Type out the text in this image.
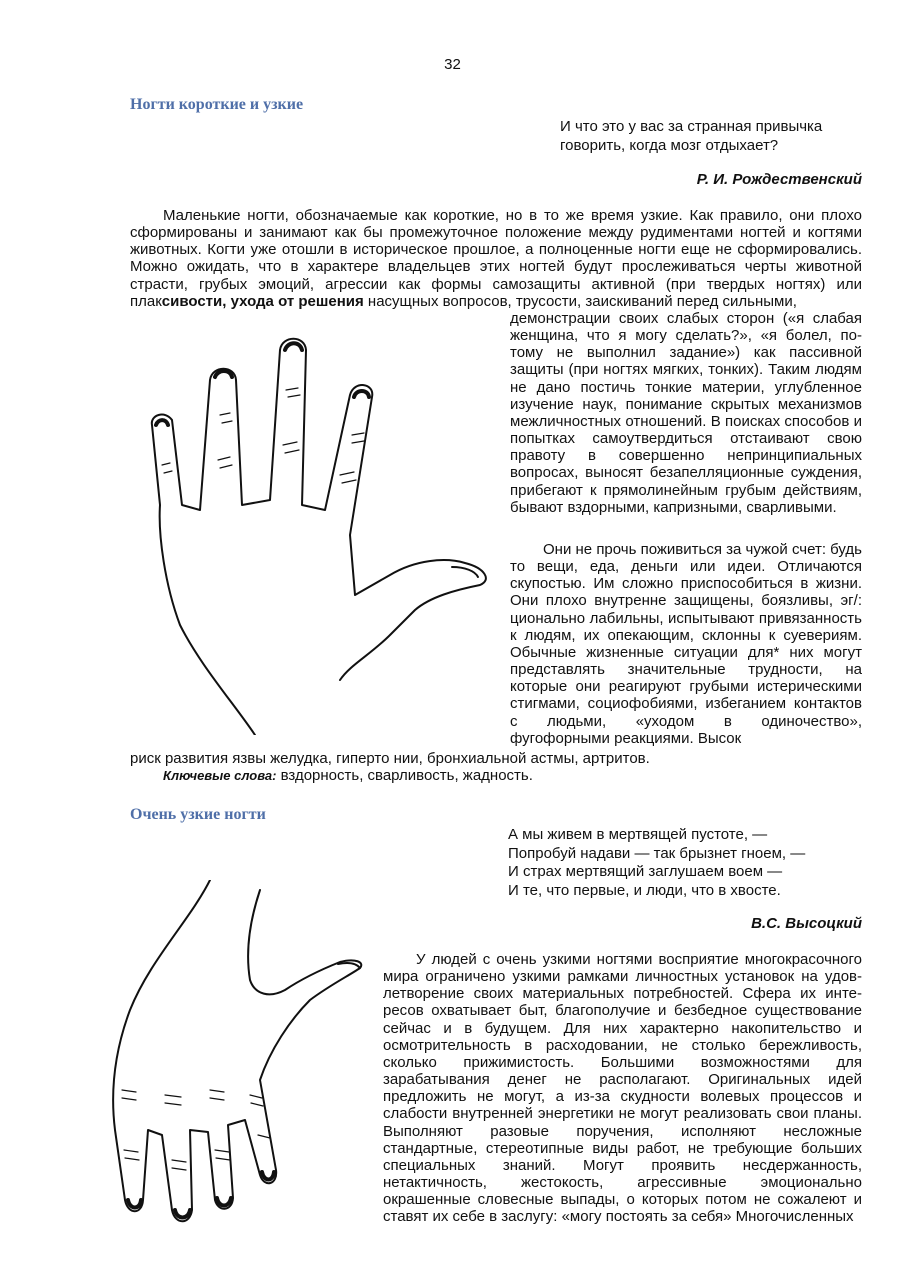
32
Ногти короткие и узкие

И что это у вас за странная привычка

говорить, когда мозг отдыхает?

Р. И. Рождественский

Маленькие ногти, обозначаемые как короткие, но в то же время узкие. Как правило, они плохо сформированы и занимают как бы промежуточное положение между рудиментами ногтей и когтями животных. Когти уже отошли в историческое прошлое, а полноценные ногти еще не сформировались. Можно ожидать, что в характере владельцев этих ногтей будут прослеживаться черты животной страсти, грубых эмоций, агрессии как формы самозащиты активной (при твердых ногтях) или плаксивости, ухода от решения насущных вопросов, трусости, заискиваний перед сильными,

демонстрации своих слабых сторон («я слабая женщина, что я могу сделать?», «я болел, по-тому не выполнил задание») как пассивной защиты (при ногтях мягких, тонких). Таким людям не дано постичь тонкие материи, углубленное изучение наук, понимание скрытых механизмов межличностных отношений. В поисках способов и попытках самоутвердиться отстаивают свою правоту в совершенно непринципиальных вопросах, выносят безапелляционные суждения, прибегают к прямолинейным грубым действиям, бывают вздорными, капризными, сварливыми.

Они не прочь поживиться за чужой счет: будь то вещи, еда, деньги или идеи. Отличаются скупостью. Им сложно приспособиться в жизни. Они плохо внутренне защищены, боязливы, эг/: ционально лабильны, испытывают привязанность к людям, их опекающим, склонны к суевериям. Обычные жизненные ситуации для* них могут представлять значительные трудности, на которые они реагируют грубыми истерическими стигмами, социофобиями, избеганием контактов с людьми, «уходом в одиночество», фугофорными реакциями. Высок

риск развития язвы желудка, гиперто нии, бронхиальной астмы, артритов.

Ключевые слова: вздорность, сварливость, жадность.

Очень узкие ногти

А мы живем в мертвящей пустоте, —

Попробуй надави — так брызнет гноем, —

И страх мертвящий заглушаем воем —

И те, что первые, и люди, что в хвосте.

В.С. Высоцкий

У людей с очень узкими ногтями восприятие многокрасочного мира ограничено узкими рамками личностных установок на удов-летворение своих материальных потребностей. Сфера их инте-ресов охватывает быт, благополучие и безбедное существование сейчас и в будущем. Для них характерно накопительство и осмотрительность в расходовании, не столько бережливость, сколько прижимистость. Большими возможностями для зарабатывания денег не располагают. Оригинальных идей предложить не могут, а из-за скудности волевых процессов и слабости внутренней энергетики не могут реализовать свои планы. Выполняют разовые поручения, исполняют несложные стандартные, стереотипные виды работ, не требующие больших специальных знаний. Могут проявить несдержанность, нетактичность, жестокость, агрессивные эмоционально окрашенные словесные выпады, о которых потом не сожалеют и ставят их себе в заслугу: «могу постоять за себя» Многочисленных
